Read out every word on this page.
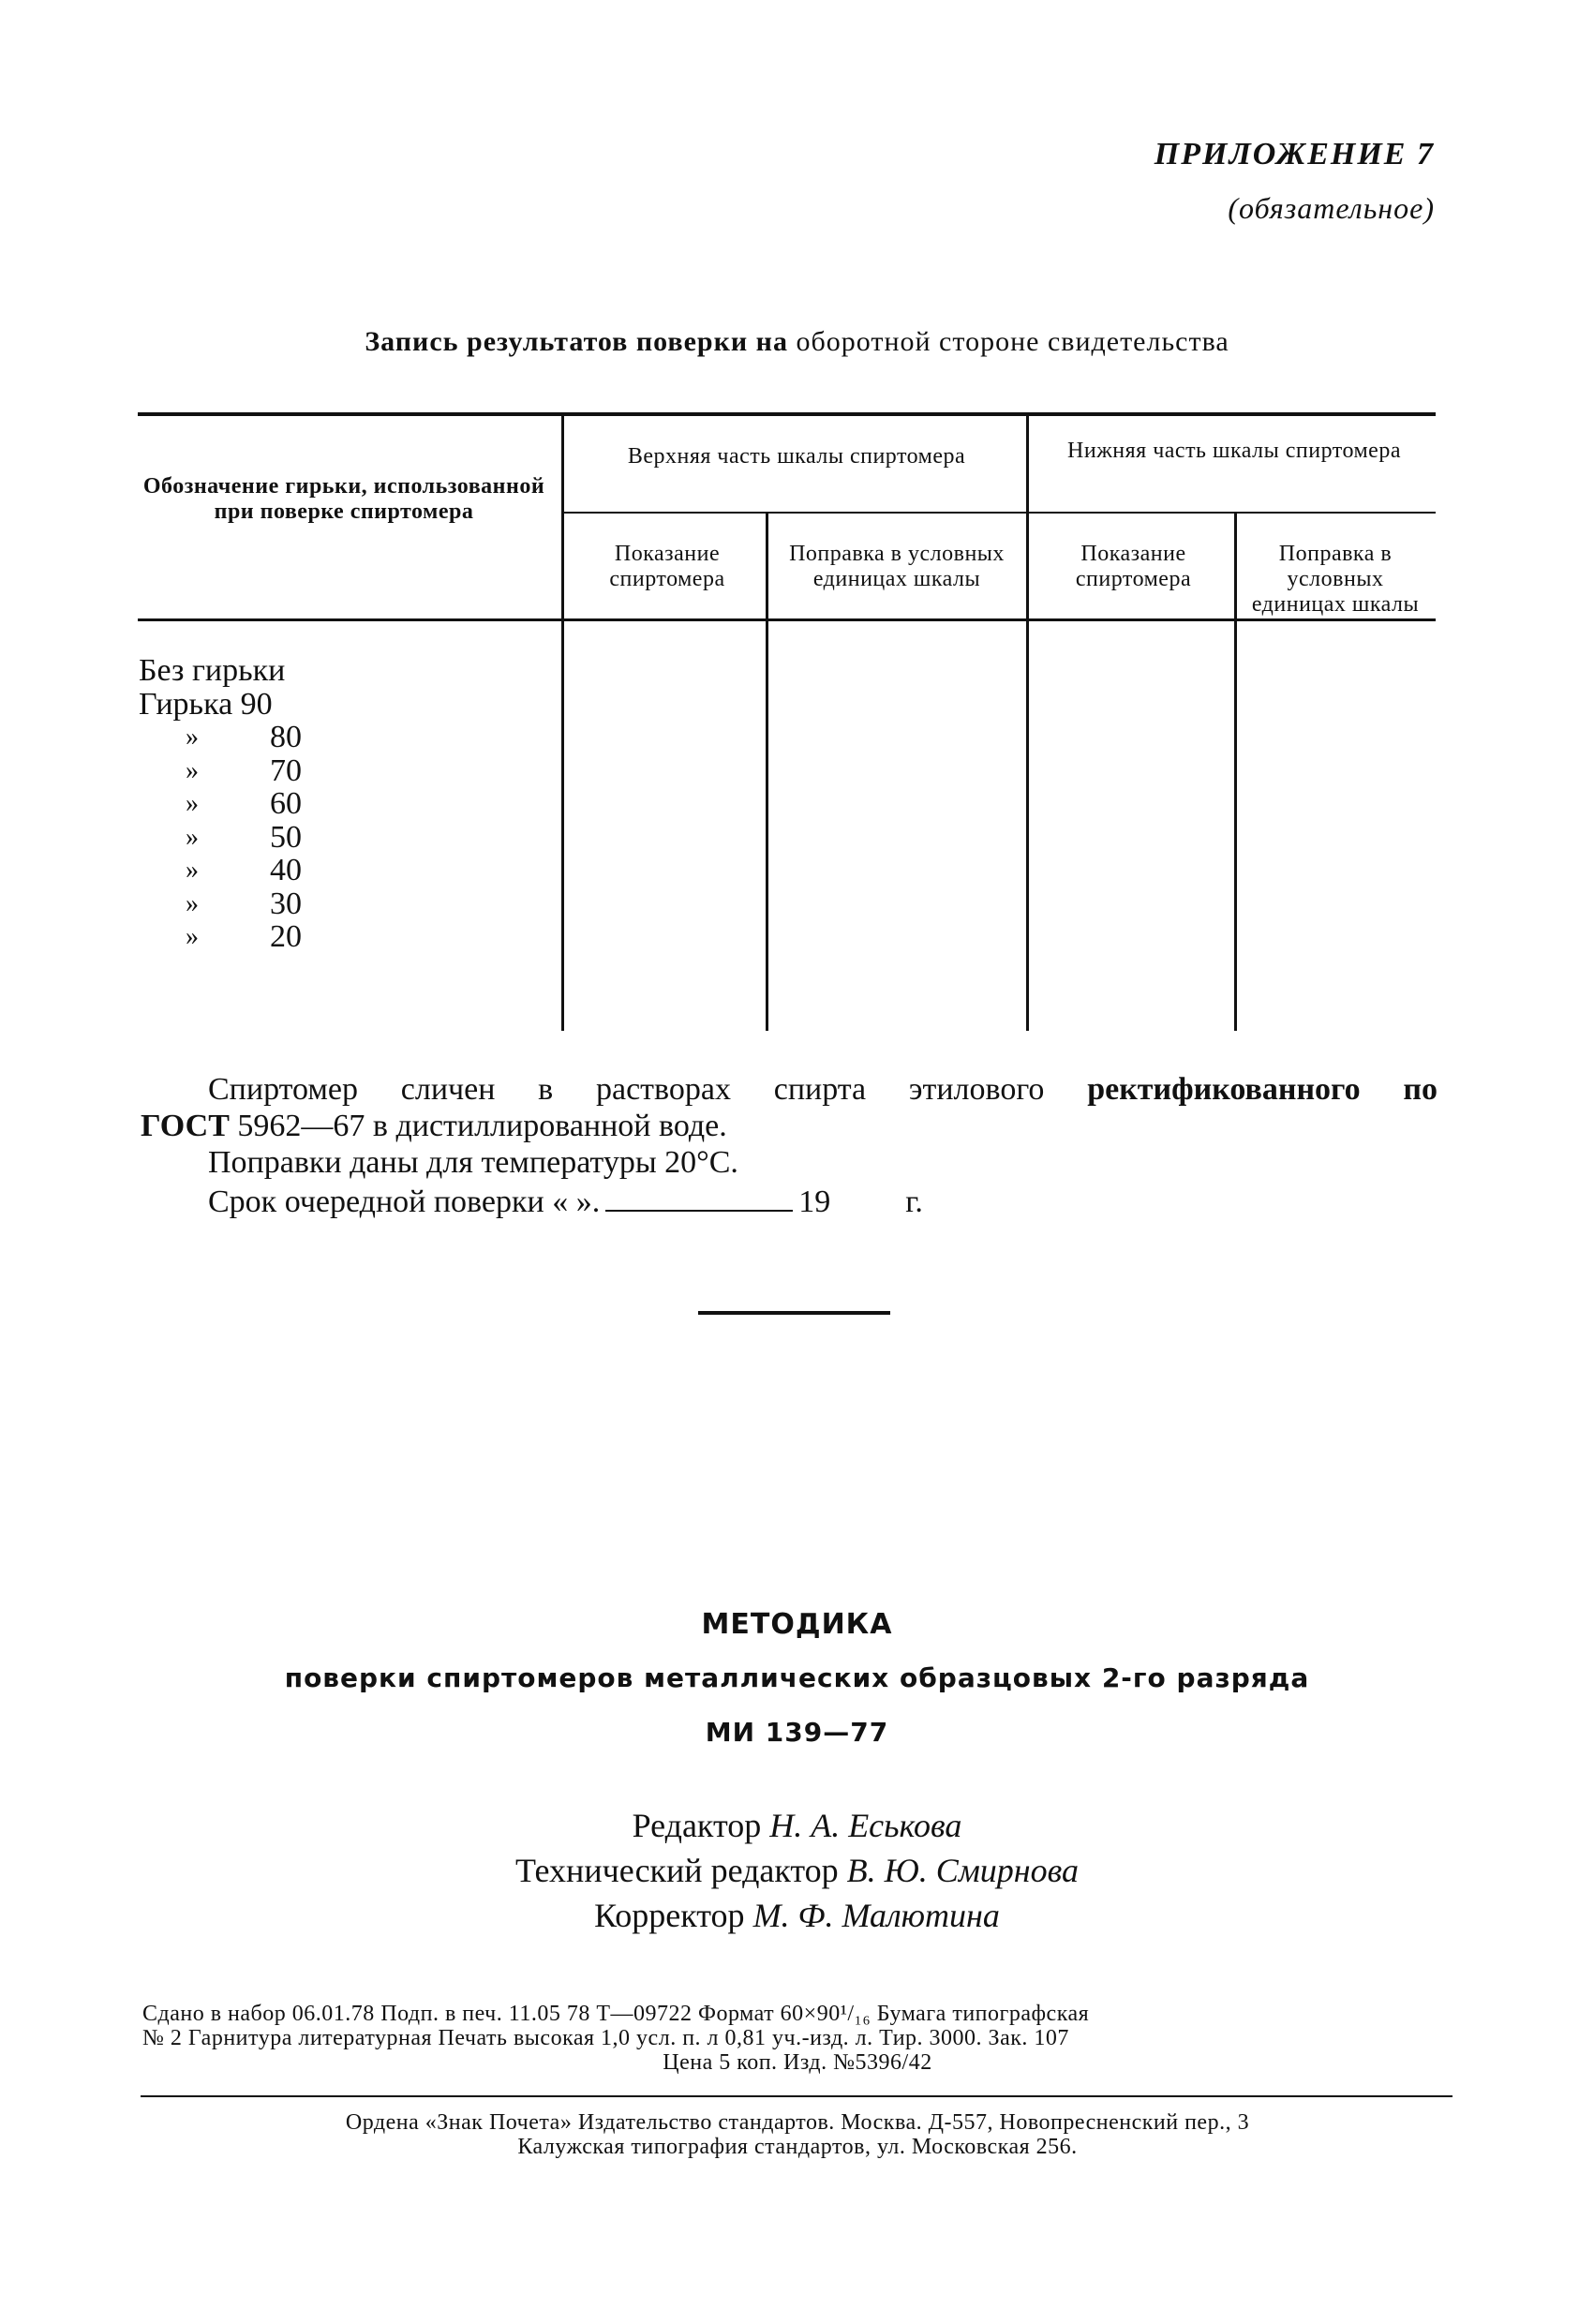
ПРИЛОЖЕНИЕ 7
(обязательное)
Запись результатов поверки на оборотной стороне свидетельства
Обозначение гирьки, использованной при поверке спиртомера
Верхняя часть шкалы спиртомера	Нижняя часть шкалы спиртомера
Показание спиртомера
Поправка в условных единицах шкалы
Показание спиртомера
Поправка в условных единицах шкалы
Без гирьки
Гирька 90
» 80
» 70
» 60
» 50
» 40
» 30
» 20
Спиртомер сличен в растворах спирта этилового ректификованного по
ГОСТ 5962—67 в дистиллированной воде.
Поправки даны для температуры 20°C.
Срок очередной поверки « ».	19 г.
МЕТОДИКА
поверки спиртомеров металлических образцовых 2-го разряда
МИ 139—77
Редактор Н. А. Еськова
Технический редактор В. Ю. Смирнова
Корректор М. Ф. Малютина
Сдано в набор 06.01.78 Подп. в печ. 11.05 78 Т—09722 Формат 60×90¹/₁₆ Бумага типографская
№ 2 Гарнитура литературная Печать высокая 1,0 усл. п. л 0,81 уч.-изд. л. Тир. 3000. Зак. 107
Цена 5 коп. Изд. №5396/42
Ордена «Знак Почета» Издательство стандартов. Москва. Д-557, Новопресненский пер., 3
Калужская типография стандартов, ул. Московская 256.
